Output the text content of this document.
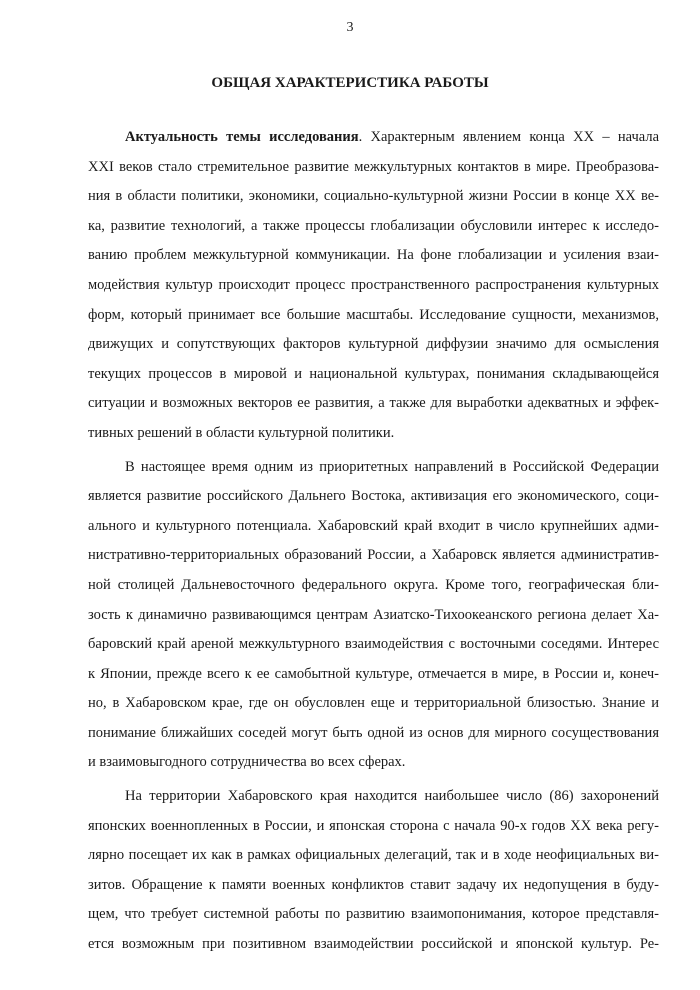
3
ОБЩАЯ ХАРАКТЕРИСТИКА РАБОТЫ
Актуальность темы исследования. Характерным явлением конца XX – начала
XXI веков стало стремительное развитие межкультурных контактов в мире. Преобразова-
ния в области политики, экономики, социально-культурной жизни России в конце XX ве-
ка, развитие технологий, а также процессы глобализации обусловили интерес к исследо-
ванию проблем межкультурной коммуникации. На фоне глобализации и усиления взаи-
модействия культур происходит процесс пространственного распространения культурных
форм, который принимает все большие масштабы. Исследование сущности, механизмов,
движущих и сопутствующих факторов культурной диффузии значимо для осмысления
текущих процессов в мировой и национальной культурах, понимания складывающейся
ситуации и возможных векторов ее развития, а также для выработки адекватных и эффек-
тивных решений в области культурной политики.
В настоящее время одним из приоритетных направлений в Российской Федерации
является развитие российского Дальнего Востока, активизация его экономического, соци-
ального и культурного потенциала. Хабаровский край входит в число крупнейших адми-
нистративно-территориальных образований России, а Хабаровск является административ-
ной столицей Дальневосточного федерального округа. Кроме того, географическая бли-
зость к динамично развивающимся центрам Азиатско-Тихоокеанского региона делает Ха-
баровский край ареной межкультурного взаимодействия с восточными соседями. Интерес
к Японии, прежде всего к ее самобытной культуре, отмечается в мире, в России и, конеч-
но, в Хабаровском крае, где он обусловлен еще и территориальной близостью. Знание и
понимание ближайших соседей могут быть одной из основ для мирного сосуществования
и взаимовыгодного сотрудничества во всех сферах.
На территории Хабаровского края находится наибольшее число (86) захоронений
японских военнопленных в России, и японская сторона с начала 90-х годов XX века регу-
лярно посещает их как в рамках официальных делегаций, так и в ходе неофициальных ви-
зитов. Обращение к памяти военных конфликтов ставит задачу их недопущения в буду-
щем, что требует системной работы по развитию взаимопонимания, которое представля-
ется возможным при позитивном взаимодействии российской и японской культур. Ре-
